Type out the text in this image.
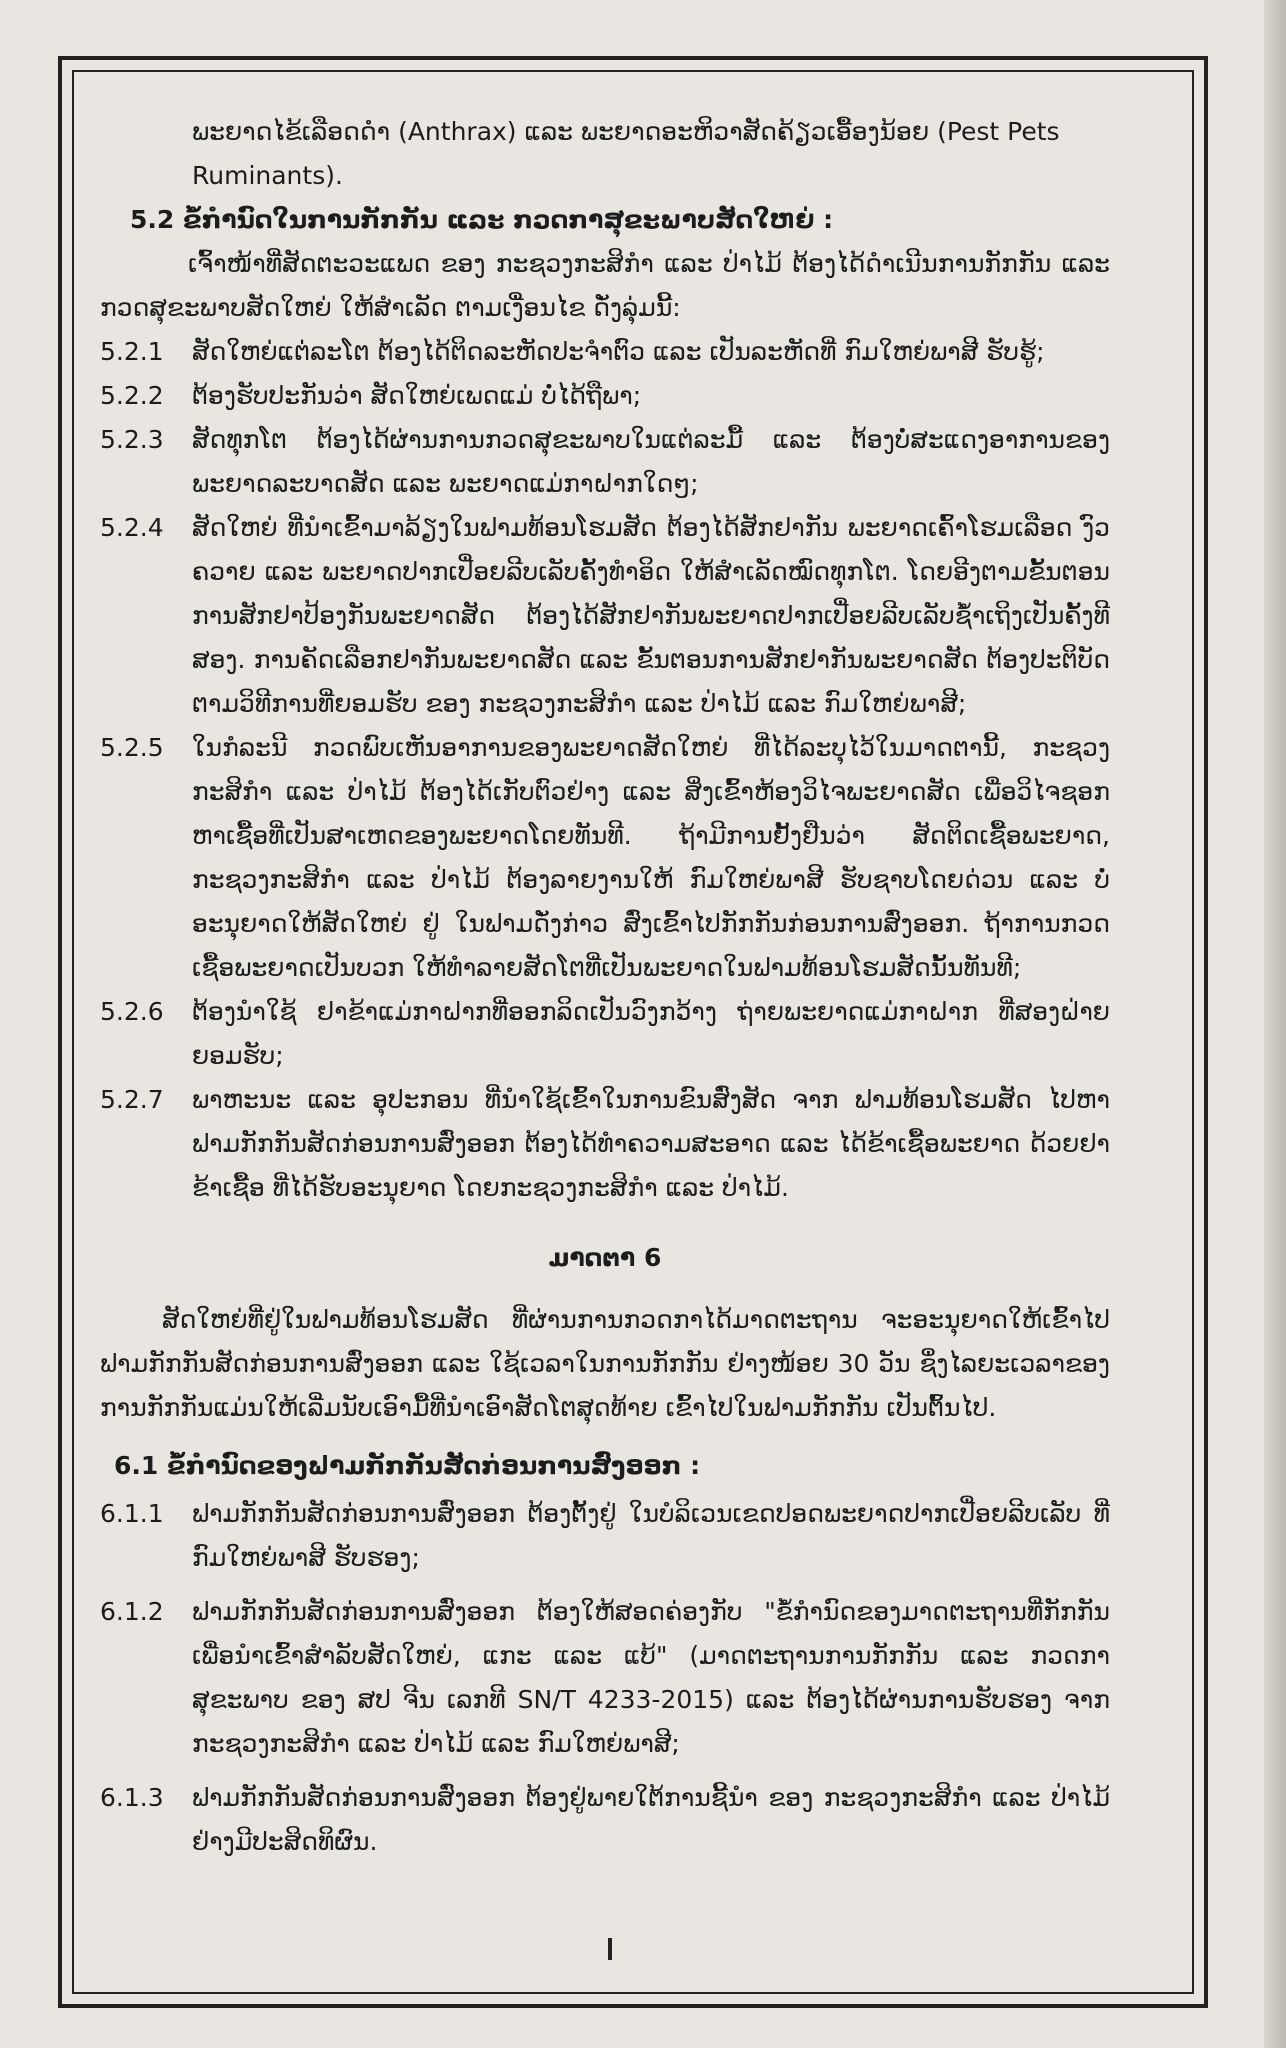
ພະຍາດໄຂ້ເລືອດດຳ (Anthrax) ແລະ ພະຍາດອະຫິວາສັດຄ້ຽວເອື້ອງນ້ອຍ (Pest Pets
Ruminants).

5.2 ຂໍ້ກຳນົດໃນການກັກກັນ ແລະ ກວດກາສຸຂະພາບສັດໃຫຍ່ :

ເຈົ້າໜ້າທີ່ສັດຕະວະແພດ ຂອງ ກະຊວງກະສິກຳ ແລະ ປ່າໄມ້ ຕ້ອງໄດ້ດຳເນີນການກັກກັນ ແລະ ກວດສຸຂະພາບສັດໃຫຍ່ ໃຫ້ສຳເລັດ ຕາມເງື່ອນໄຂ ດັ່ງລຸ່ມນີ້:

5.2.1	ສັດໃຫຍ່ແຕ່ລະໂຕ ຕ້ອງໄດ້ຕິດລະຫັດປະຈຳຕົວ ແລະ ເປັນລະຫັດທີ່ ກົມໃຫຍ່ພາສີ ຮັບຮູ້;
5.2.2	ຕ້ອງຮັບປະກັນວ່າ ສັດໃຫຍ່ເພດແມ່ ບໍ່ໄດ້ຖືພາ;
5.2.3	ສັດທຸກໂຕ ຕ້ອງໄດ້ຜ່ານການກວດສຸຂະພາບໃນແຕ່ລະມື້ ແລະ ຕ້ອງບໍ່ສະແດງອາການຂອງພະຍາດລະບາດສັດ ແລະ ພະຍາດແມ່ກາຝາກໃດໆ;
5.2.4	ສັດໃຫຍ່ ທີ່ນຳເຂົ້າມາລ້ຽງໃນຟາມທ້ອນໂຮມສັດ ຕ້ອງໄດ້ສັກຢາກັນ ພະຍາດເຄົ້າໂຮມເລືອດ ງົວ ຄວາຍ ແລະ ພະຍາດປາກເປື່ອຍລີບເລັບຄັ້ງທຳອິດ ໃຫ້ສຳເລັດໝົດທຸກໂຕ. ໂດຍອີງຕາມຂັ້ນຕອນການສັກຢາປ້ອງກັນພະຍາດສັດ ຕ້ອງໄດ້ສັກຢາກັນພະຍາດປາກເປື່ອຍລີບເລັບຊ້ຳເຖິງເປັນຄັ້ງທີສອງ. ການຄັດເລືອກຢາກັນພະຍາດສັດ ແລະ ຂັ້ນຕອນການສັກຢາກັນພະຍາດສັດ ຕ້ອງປະຕິບັດຕາມວິທີການທີ່ຍອມຮັບ ຂອງ ກະຊວງກະສິກຳ ແລະ ປ່າໄມ້ ແລະ ກົມໃຫຍ່ພາສີ;
5.2.5	ໃນກໍລະນີ ກວດພົບເຫັນອາການຂອງພະຍາດສັດໃຫຍ່ ທີ່ໄດ້ລະບຸໄວ້ໃນມາດຕານີ້, ກະຊວງກະສິກຳ ແລະ ປ່າໄມ້ ຕ້ອງໄດ້ເກັບຕົວຢ່າງ ແລະ ສິ່ງເຂົ້າຫ້ອງວິໄຈພະຍາດສັດ ເພື່ອວິໄຈຊອກຫາເຊື້ອທີ່ເປັນສາເຫດຂອງພະຍາດໂດຍທັນທີ. ຖ້າມີການຢັ້ງຢືນວ່າ ສັດຕິດເຊື້ອພະຍາດ, ກະຊວງກະສິກຳ ແລະ ປ່າໄມ້ ຕ້ອງລາຍງານໃຫ້ ກົມໃຫຍ່ພາສີ ຮັບຊາບໂດຍດ່ວນ ແລະ ບໍ່ອະນຸຍາດໃຫ້ສັດໃຫຍ່ ຢູ່ ໃນຟາມດັ່ງກ່າວ ສົ່ງເຂົ້າໄປກັກກັນກ່ອນການສົ່ງອອກ. ຖ້າການກວດເຊື້ອພະຍາດເປັນບວກ ໃຫ້ທຳລາຍສັດໂຕທີ່ເປັນພະຍາດໃນຟາມທ້ອນໂຮມສັດນັ້ນທັນທີ;
5.2.6	ຕ້ອງນຳໃຊ້ ຢາຂ້າແມ່ກາຝາກທີ່ອອກລິດເປັນວົງກວ້າງ ຖ່າຍພະຍາດແມ່ກາຝາກ ທີ່ສອງຝ່າຍຍອມຮັບ;
5.2.7	ພາຫະນະ ແລະ ອຸປະກອນ ທີ່ນຳໃຊ້ເຂົ້າໃນການຂົນສົ່ງສັດ ຈາກ ຟາມທ້ອນໂຮມສັດ ໄປຫາ ຟາມກັກກັນສັດກ່ອນການສົ່ງອອກ ຕ້ອງໄດ້ທຳຄວາມສະອາດ ແລະ ໄດ້ຂ້າເຊື້ອພະຍາດ ດ້ວຍຢາຂ້າເຊື້ອ ທີ່ໄດ້ຮັບອະນຸຍາດ ໂດຍກະຊວງກະສິກຳ ແລະ ປ່າໄມ້.

ມາດຕາ 6

ສັດໃຫຍ່ທີ່ຢູ່ໃນຟາມທ້ອນໂຮມສັດ ທີ່ຜ່ານການກວດກາໄດ້ມາດຕະຖານ ຈະອະນຸຍາດໃຫ້ເຂົ້າໄປຟາມກັກກັນສັດກ່ອນການສົ່ງອອກ ແລະ ໃຊ້ເວລາໃນການກັກກັນ ຢ່າງໜ້ອຍ 30 ວັນ ຊຶ່ງໄລຍະເວລາຂອງການກັກກັນແມ່ນໃຫ້ເລີ່ມນັບເອົາມື້ທີ່ນຳເອົາສັດໂຕສຸດທ້າຍ ເຂົ້າໄປໃນຟາມກັກກັນ ເປັນຕົ້ນໄປ.

6.1 ຂໍ້ກຳນົດຂອງຟາມກັກກັນສັດກ່ອນການສົ່ງອອກ :

6.1.1	ຟາມກັກກັນສັດກ່ອນການສົ່ງອອກ ຕ້ອງຕັ້ງຢູ່ ໃນບໍລິເວນເຂດປອດພະຍາດປາກເປື່ອຍລີບເລັບ ທີ່ ກົມໃຫຍ່ພາສີ ຮັບຮອງ;
6.1.2	ຟາມກັກກັນສັດກ່ອນການສົ່ງອອກ ຕ້ອງໃຫ້ສອດຄ່ອງກັບ "ຂໍ້ກຳນົດຂອງມາດຕະຖານທີ່ກັກກັນ ເພື່ອນຳເຂົ້າສຳລັບສັດໃຫຍ່, ແກະ ແລະ ແບ້" (ມາດຕະຖານການກັກກັນ ແລະ ກວດກາສຸຂະພາບ ຂອງ ສປ ຈີນ ເລກທີ SN/T 4233-2015) ແລະ ຕ້ອງໄດ້ຜ່ານການຮັບຮອງ ຈາກ ກະຊວງກະສິກຳ ແລະ ປ່າໄມ້ ແລະ ກົມໃຫຍ່ພາສີ;
6.1.3	ຟາມກັກກັນສັດກ່ອນການສົ່ງອອກ ຕ້ອງຢູ່ພາຍໃຕ້ການຊີ້ນຳ ຂອງ ກະຊວງກະສິກຳ ແລະ ປ່າໄມ້ ຢ່າງມີປະສິດທິຜົນ.
